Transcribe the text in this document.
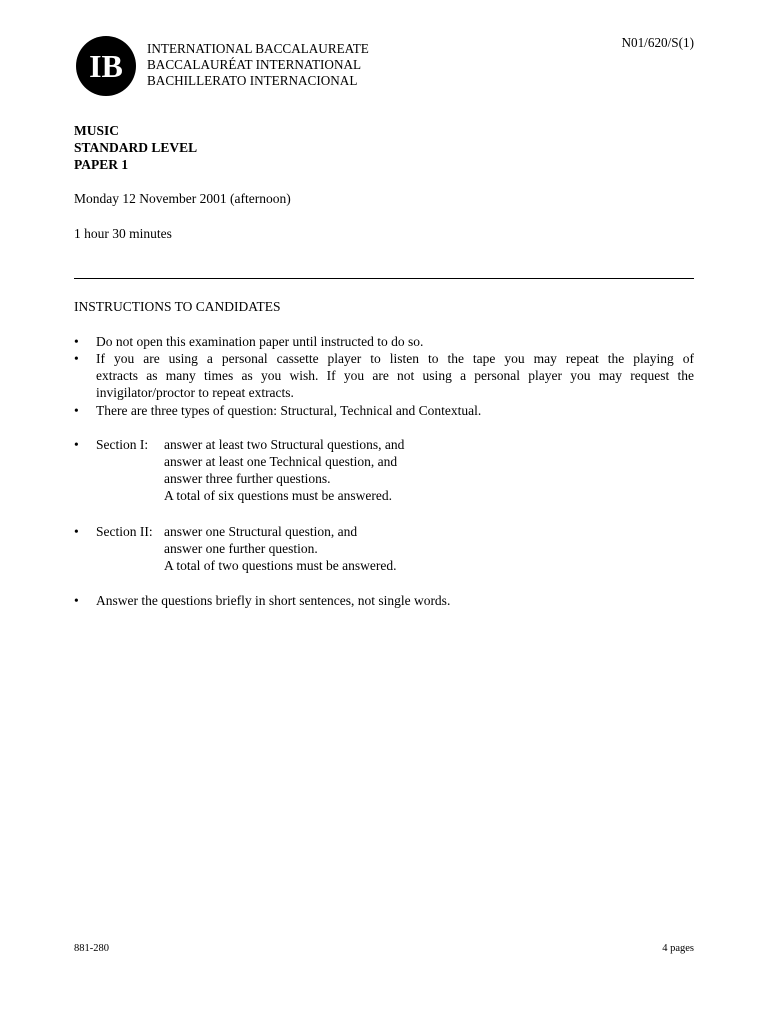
IB INTERNATIONAL BACCALAUREATE
BACCALAURÉAT INTERNATIONAL
BACHILLERATO INTERNACIONAL
N01/620/S(1)
MUSIC
STANDARD LEVEL
PAPER 1
Monday 12 November 2001 (afternoon)
1 hour 30 minutes
INSTRUCTIONS TO CANDIDATES
• Do not open this examination paper until instructed to do so.
• If you are using a personal cassette player to listen to the tape you may repeat the playing of
extracts as many times as you wish. If you are not using a personal player you may request the
invigilator/proctor to repeat extracts.
• There are three types of question: Structural, Technical and Contextual.
• Section I: answer at least two Structural questions, and
answer at least one Technical question, and
answer three further questions.
A total of six questions must be answered.
• Section II: answer one Structural question, and
answer one further question.
A total of two questions must be answered.
• Answer the questions briefly in short sentences, not single words.
881-280	4 pages
